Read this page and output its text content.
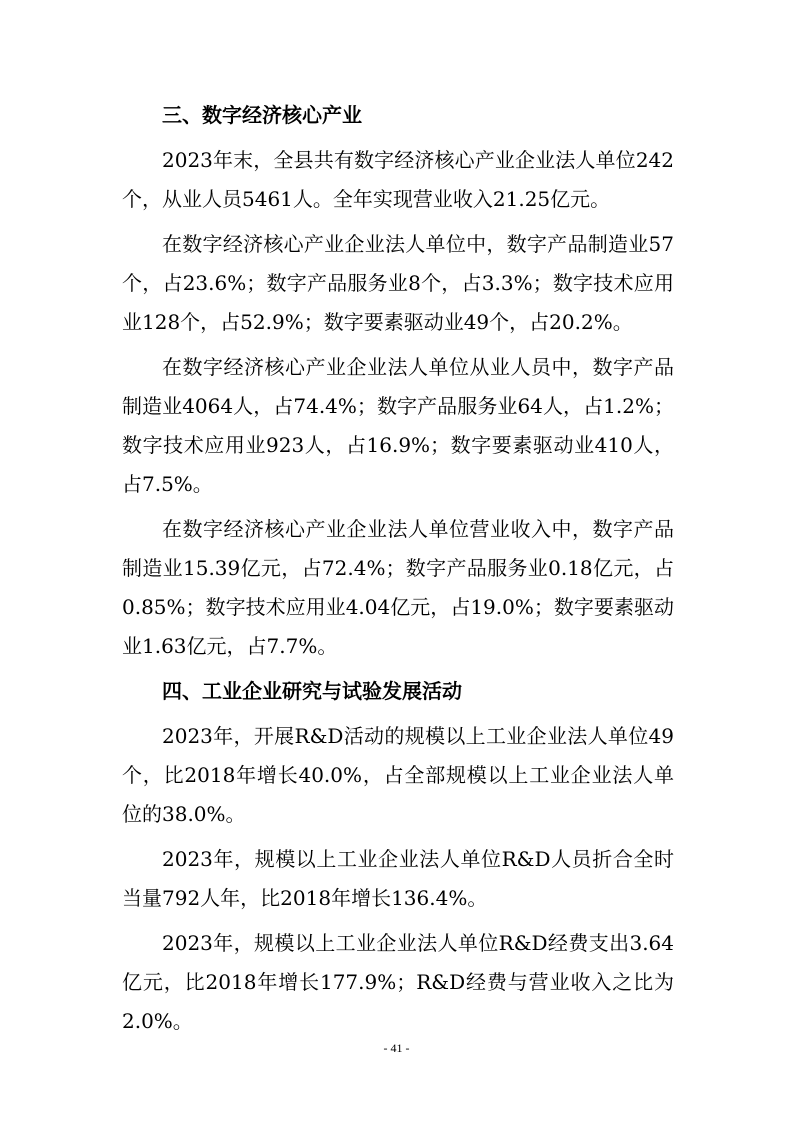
三、数字经济核心产业

2023年末，全县共有数字经济核心产业企业法人单位242个，从业人员5461人。全年实现营业收入21.25亿元。

在数字经济核心产业企业法人单位中，数字产品制造业57个，占23.6%；数字产品服务业8个，占3.3%；数字技术应用业128个，占52.9%；数字要素驱动业49个，占20.2%。

在数字经济核心产业企业法人单位从业人员中，数字产品制造业4064人，占74.4%；数字产品服务业64人，占1.2%；数字技术应用业923人，占16.9%；数字要素驱动业410人，占7.5%。

在数字经济核心产业企业法人单位营业收入中，数字产品制造业15.39亿元，占72.4%；数字产品服务业0.18亿元，占0.85%；数字技术应用业4.04亿元，占19.0%；数字要素驱动业1.63亿元，占7.7%。

四、工业企业研究与试验发展活动

2023年，开展R&D活动的规模以上工业企业法人单位49个，比2018年增长40.0%，占全部规模以上工业企业法人单位的38.0%。

2023年，规模以上工业企业法人单位R&D人员折合全时当量792人年，比2018年增长136.4%。

2023年，规模以上工业企业法人单位R&D经费支出3.64亿元，比2018年增长177.9%；R&D经费与营业收入之比为2.0%。

- 41 -
